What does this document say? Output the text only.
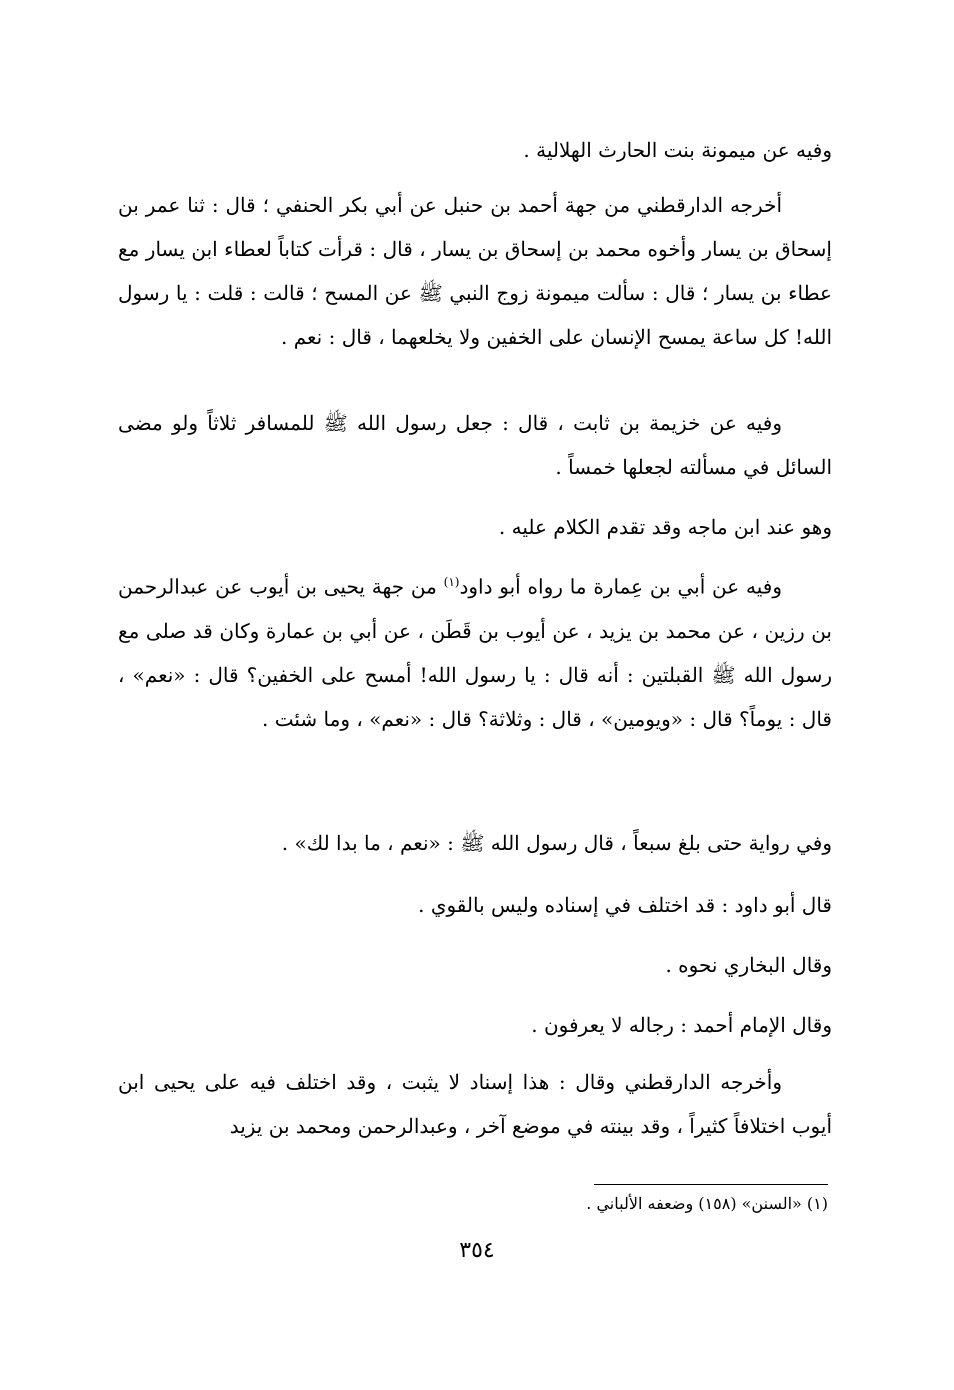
وفيه عن ميمونة بنت الحارث الهلالية .

أخرجه الدارقطني من جهة أحمد بن حنبل عن أبي بكر الحنفي ؛ قال : ثنا عمر بن إسحاق بن يسار وأخوه محمد بن إسحاق بن يسار ، قال : قرأت كتاباً لعطاء ابن يسار مع عطاء بن يسار ؛ قال : سألت ميمونة زوج النبي ﷺ عن المسح ؛ قالت : قلت : يا رسول الله! كل ساعة يمسح الإنسان على الخفين ولا يخلعهما ، قال : نعم .

وفيه عن خزيمة بن ثابت ، قال : جعل رسول الله ﷺ للمسافر ثلاثاً ولو مضى السائل في مسألته لجعلها خمساً .

وهو عند ابن ماجه وقد تقدم الكلام عليه .

وفيه عن أبي بن عِمارة ما رواه أبو داود$^{(١)}$ من جهة يحيى بن أيوب عن عبدالرحمن بن رزين ، عن محمد بن يزيد ، عن أيوب بن قَطَن ، عن أبي بن عمارة وكان قد صلى مع رسول الله ﷺ القبلتين : أنه قال : يا رسول الله! أمسح على الخفين؟ قال : «نعم» ، قال : يوماً؟ قال : «ويومين» ، قال : وثلاثة؟ قال : «نعم» ، وما شئت .

وفي رواية حتى بلغ سبعاً ، قال رسول الله ﷺ : «نعم ، ما بدا لك» .
قال أبو داود : قد اختلف في إسناده وليس بالقوي .
وقال البخاري نحوه .
وقال الإمام أحمد : رجاله لا يعرفون .

وأخرجه الدارقطني وقال : هذا إسناد لا يثبت ، وقد اختلف فيه على يحيى ابن أيوب اختلافاً كثيراً ، وقد بينته في موضع آخر ، وعبدالرحمن ومحمد بن يزيد

(١) «السنن» (١٥٨) وضعفه الألباني .
٣٥٤
